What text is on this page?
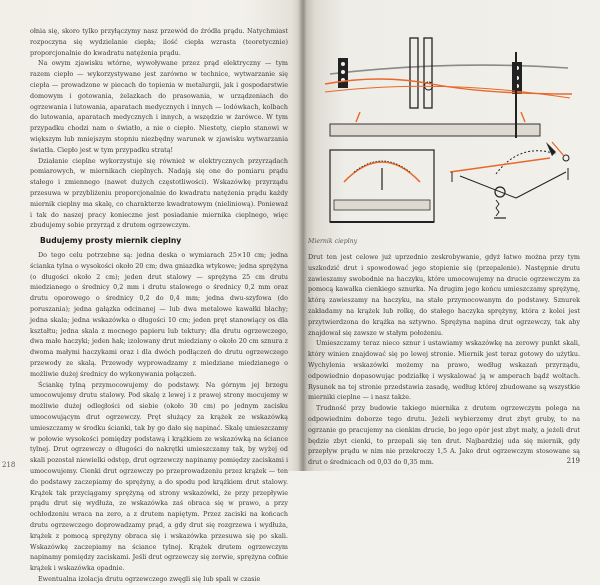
ołnia się, skoro tylko przyłączymy nasz przewód do źródła prądu. Natychmiast rozpoczyna się wydzielanie ciepła; ilość ciepła wzrasta (teoretycznie) proporcjonalnie do kwadratu natężenia prądu.

Na owym zjawisku wtórne, wywoływane przez prąd elektryczny — tym razem ciepło — wykorzystywane jest zarówno w technice, wytwarzanie się ciepła — prowadzone w piecach do topienia w metalurgii, jak i gospodarstwie domowym i gotowania, żelazkach do prasowania, w urządzeniach do ogrzewania i lutowania, aparatach medycznych i innych — lodówkach, kolbach do lutowania, aparatach medycznych i innych, a wszędzie w żarówce. W tym przypadku chodzi nam o światło, a nie o ciepło. Niestety, ciepło stanowi w większym lub mniejszym stopniu niezbędny warunek w zjawisku wytwarzania światła. Ciepło jest w tym przypadku stratą!

Działanie cieplne wykorzystuje się również w elektrycznych przyrządach pomiarowych, w miernikach cieplnych. Nadają się one do pomiaru prądu stałego i zmiennego (nawet dużych częstotliwości). Wskazówkę przyrządu przesuwa w przybliżeniu proporcjonalnie do kwadratu natężenia prądu każdy miernik cieplny ma skalę, co charakterze kwadratowym (nieliniową). Ponieważ i tak do naszej pracy konieczne jest posiadanie miernika cieplnego, więc zbudujemy sobie przyrząd z drutem ogrzewczym.

Budujemy prosty miernik cieplny

Do tego celu potrzebne są: jedna deska o wymiarach 25×10 cm; jedna ścianka tylna o wysokości około 20 cm; dwa gniazdka wtykowe; jedna sprężyna (o długości około 2 cm); jeden drut stalowy — sprężyna 25 cm drutu miedzianego o średnicy 0,2 mm i drutu stalowego o średnicy 0,2 mm oraz drutu oporowego o średnicy 0,2 do 0,4 mm; jedna dwu-szyfowa (do poruszania); jedna gałązka odcinanej — lub dwa metalowe kawałki blachy; jedna skala; jedna wskazówka o długości 10 cm; jeden pręt stanowiący os dla kształtu; jedna skala z mocnego papieru lub tektury; dla drutu ogrzewczego, dwa małe haczyki; jeden hak; izolowany drut miedziany o około 20 cm sznura z dwoma małymi haczykami oraz i dla dwóch podłączeń do drutu ogrzewczego przewody ze skalą. Przewody wyprowadzamy z miedziane miedzianego o możliwie dużej średnicy do wykonywania połączeń.

Ściankę tylną przymocowujemy do podstawy. Na górnym jej brzegu umocowujemy drutu stalowy. Pod skalę z lewej i z prawej strony mocujemy w możliwie dużej odległości od siebie (około 30 cm) po jednym zacisku umocowującym drut ogrzewczy. Pręt służący za krążek ze wskazówką umieszczamy w środku ścianki, tak by go dało się napinać. Skalę umieszczamy w połowie wysokości pomiędzy podstawą i krążkiem ze wskazówką na ściance tylnej. Drut ogrzewczy o długości do nakrętki umieszczamy tak, by wyżej od skali pozostał niewielki odstęp, drut ogrzewczy napinamy pomiędzy zaciskami i umocowujemy. Cienki drut ogrzewczy po przeprowadzeniu przez krążek — ten do podstawy zaczepiamy do sprężyny, a do spodu pod krążkiem drut stalowy. Krążek tak przyciągamy sprężyną od strony wskazówki, że przy przepływie prądu drut się wydłuża, ze wskazówka zaś obraca się w prawo, a przy ochłodzeniu wraca na zero, a z drutem napiętym. Przez zaciski na końcach drutu ogrzewczego doprowadzamy prąd, a gdy drut się rozgrzewa i wydłuża, krążek z pomocą sprężyny obraca się i wskazówka przesuwa się po skali. Wskazówkę zaczepiamy na ściance tylnej. Krążek drutem ogrzewczym napinamy pomiędzy zaciskami. Jeśli drut ogrzewczy się zerwie, sprężyna cofnie krążek i wskazówka opadnie.

Ewentualna izolacja drutu ogrzewczego zwęgli się lub spali w czasie

218	219
Miernik cieplny

Drut ten jest celowe już uprzednio zeskrobywanie, gdyż łatwo można przy tym uszkodzić drut i spowodować jego stopienie się (przepalenie). Następnie drutu zawieszamy swobodnie na haczyku, które umocowujemy na drucie ogrzewczym za pomocą kawałka cienkiego sznurka. Na drugim jego końcu umieszczamy sprężynę, którą zawieszamy na haczyku, na stałe przymocowanym do podstawy. Sznurek zakładamy na krążek lub rolkę, do stałego haczyka sprężyny, która z kolei jest przytwierdzona do krążka na sztywno. Sprężyna napina drut ogrzewczy, tak aby znajdował się zawsze w stałym położeniu.

Umieszczamy teraz nieco sznur i ustawiamy wskazówkę na zerowy punkt skali, który winien znajdować się po lewej stronie. Miernik jest teraz gotowy do użytku. Wychylenia wskazówki możemy na prawo, według wskazań przyrządu, odpowiednio dopasowując podziałkę i wyskalować ją w amperach bądź woltach. Rysunek na tej stronie przedstawia zasadę, według której zbudowane są wszystkie mierniki cieplne — i nasz także.

Trudność przy budowie takiego miernika z drutem ogrzewczym polega na odpowiednim doborze tego drutu. Jeżeli wybierzemy drut zbyt gruby, to na ogrzanie go pracujemy na cienkim drucie, bo jego opór jest zbyt mały, a jeżeli drut będzie zbyt cienki, to przepali się ten drut. Najbardziej uda się miernik, gdy przepływ prądu w nim nie przekroczy 1,5 A. Jako drut ogrzewczym stosowane są drut o średnicach od 0,03 do 0,35 mm.
